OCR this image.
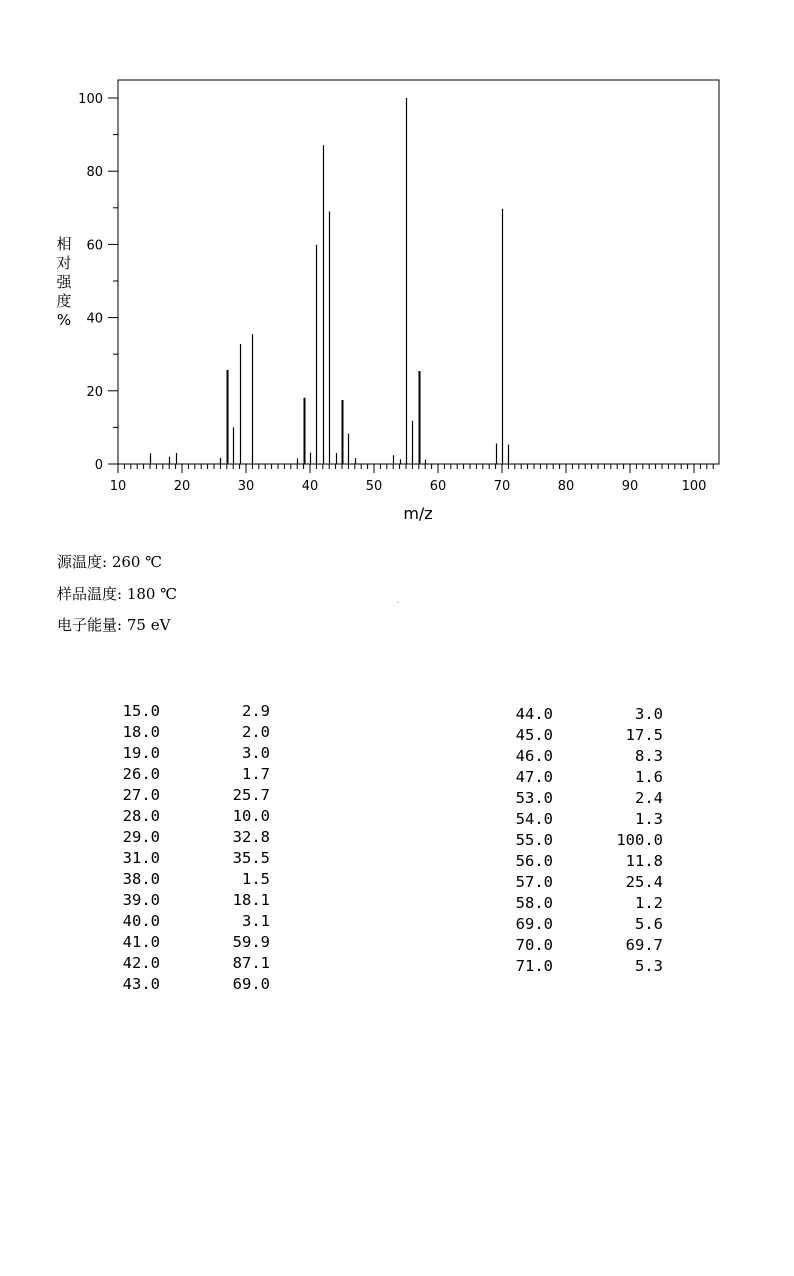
0
20
40
60
80
100
10	20	30	40	50	60	70	80	90	100
m/z
相对强度%
源温度: 260 ℃
样品温度: 180 ℃
电子能量: 75 eV
15.0	2.9
18.0	2.0
19.0	3.0
26.0	1.7
27.0	25.7
28.0	10.0
29.0	32.8
31.0	35.5
38.0	1.5
39.0	18.1
40.0	3.1
41.0	59.9
42.0	87.1
43.0	69.0
44.0	3.0
45.0	17.5
46.0	8.3
47.0	1.6
53.0	2.4
54.0	1.3
55.0	100.0
56.0	11.8
57.0	25.4
58.0	1.2
69.0	5.6
70.0	69.7
71.0	5.3
